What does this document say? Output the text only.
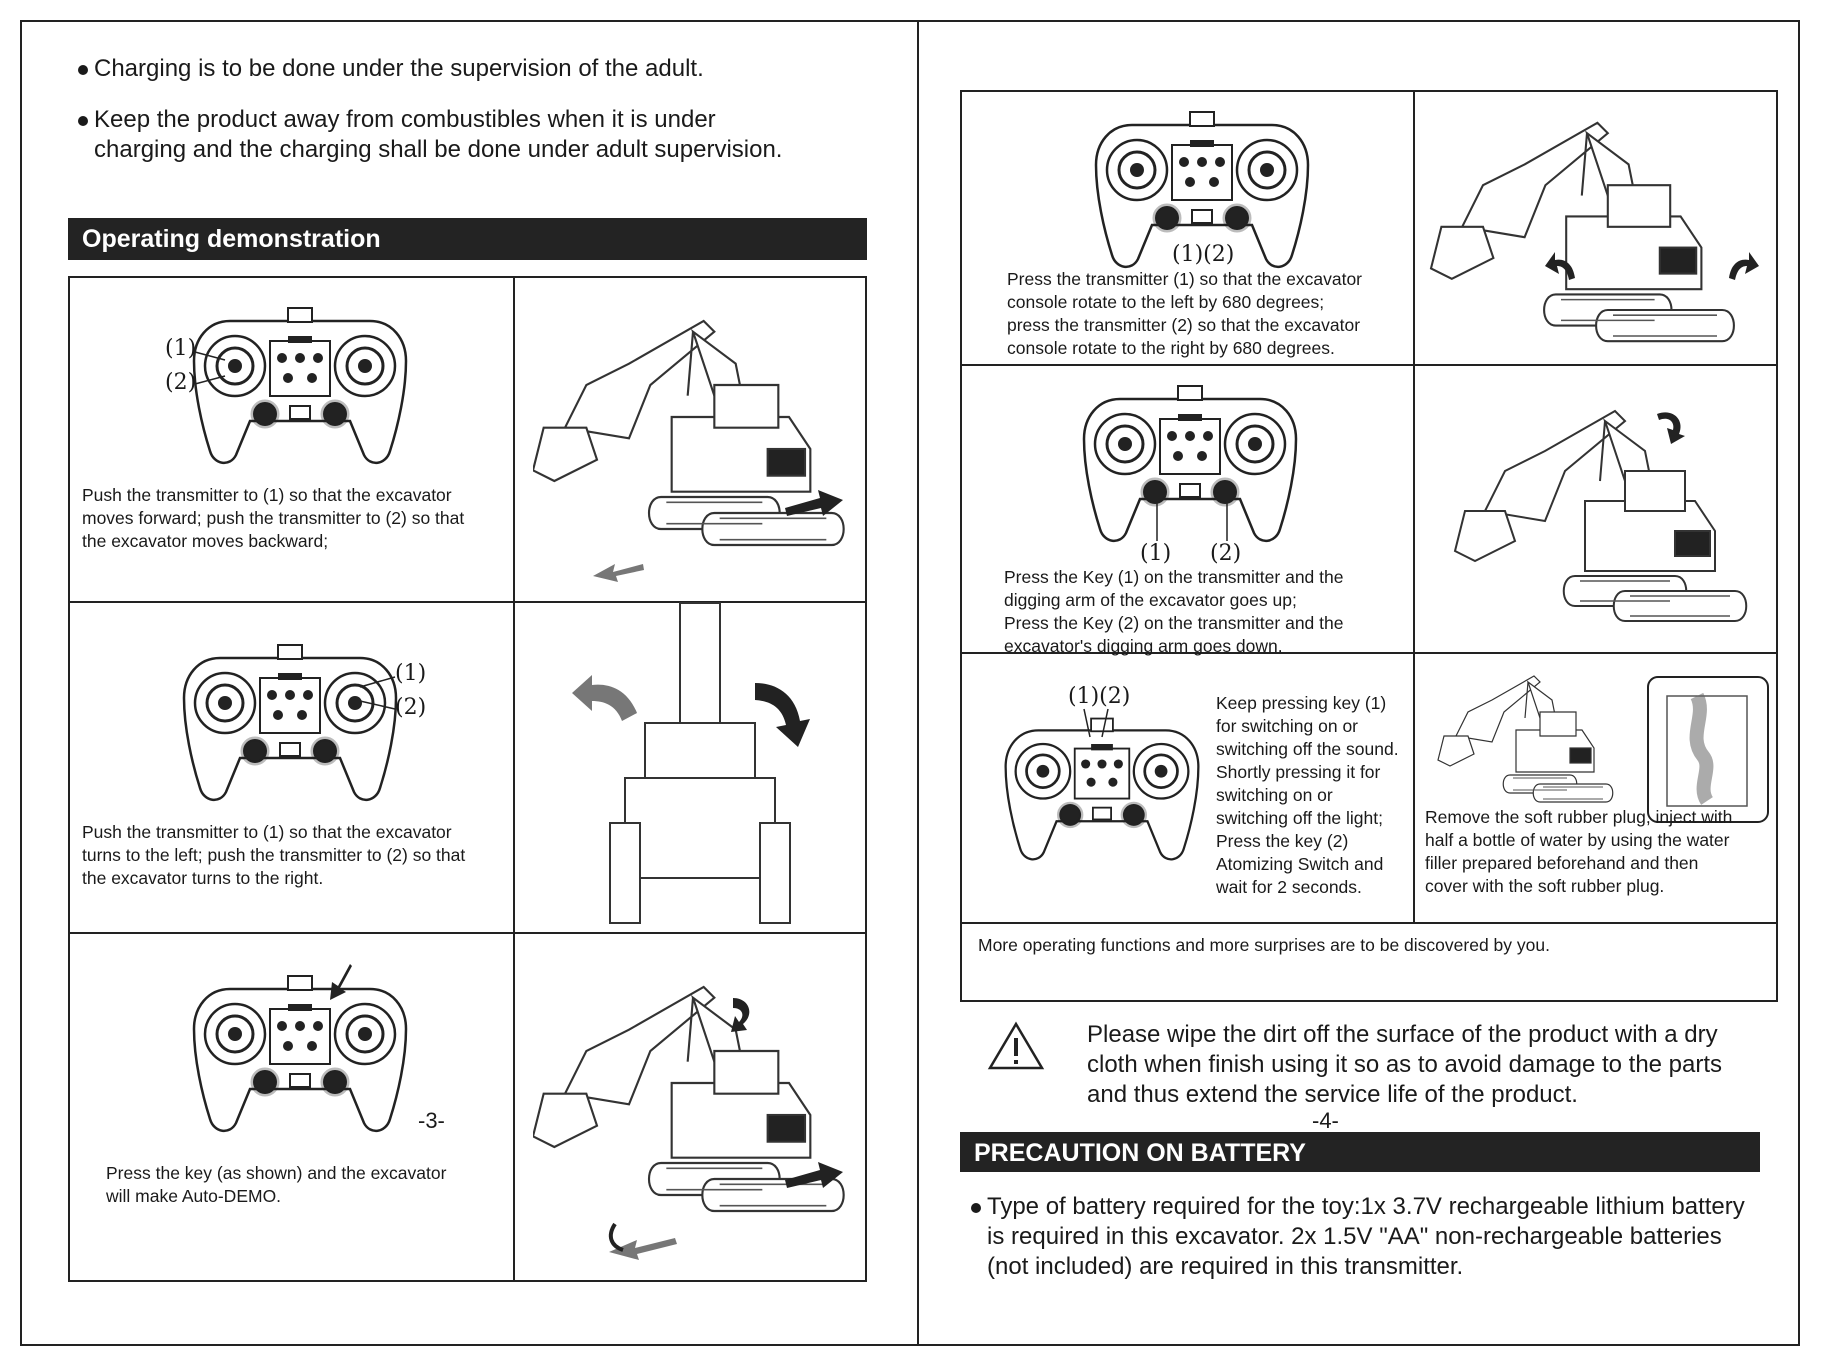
Charging is to be done under the supervision of the adult.
Keep the product away from combustibles when it is under
charging and the charging shall be done under adult supervision.
Operating demonstration
(1)
(2)
Push the transmitter to (1) so that the excavator
moves forward; push the transmitter to (2) so that
the excavator moves backward;
(1)
(2)
Push the transmitter to (1) so that the excavator
turns to the left; push the transmitter to (2) so that
the excavator turns to the right.
Press the key (as shown) and the excavator
will make Auto-DEMO.
-3-
(1)(2)
Press the transmitter (1) so that the excavator
console rotate to the left by 680 degrees;
press the transmitter (2) so that the excavator
console rotate to the right by 680 degrees.
(1) (2)
Press the Key (1) on the transmitter and the
digging arm of the excavator goes up;
Press the Key (2) on the transmitter and the
excavator's digging arm goes down.
(1)(2)	Keep pressing key (1)
for switching on or
switching off the sound.
Shortly pressing it for
switching on or
switching off the light;
Press the key (2)
Atomizing Switch and
wait for 2 seconds.
Remove the soft rubber plug, inject with
half a bottle of water by using the water
filler prepared beforehand and then
cover with the soft rubber plug.
More operating functions and more surprises are to be discovered by you.
Please wipe the dirt off the surface of the product with a dry
cloth when finish using it so as to avoid damage to the parts
and thus extend the service life of the product.
PRECAUTION ON BATTERY
Type of battery required for the toy:1x 3.7V rechargeable lithium battery
is required in this excavator. 2x 1.5V "AA" non-rechargeable batteries
(not included) are required in this transmitter.
-4-
